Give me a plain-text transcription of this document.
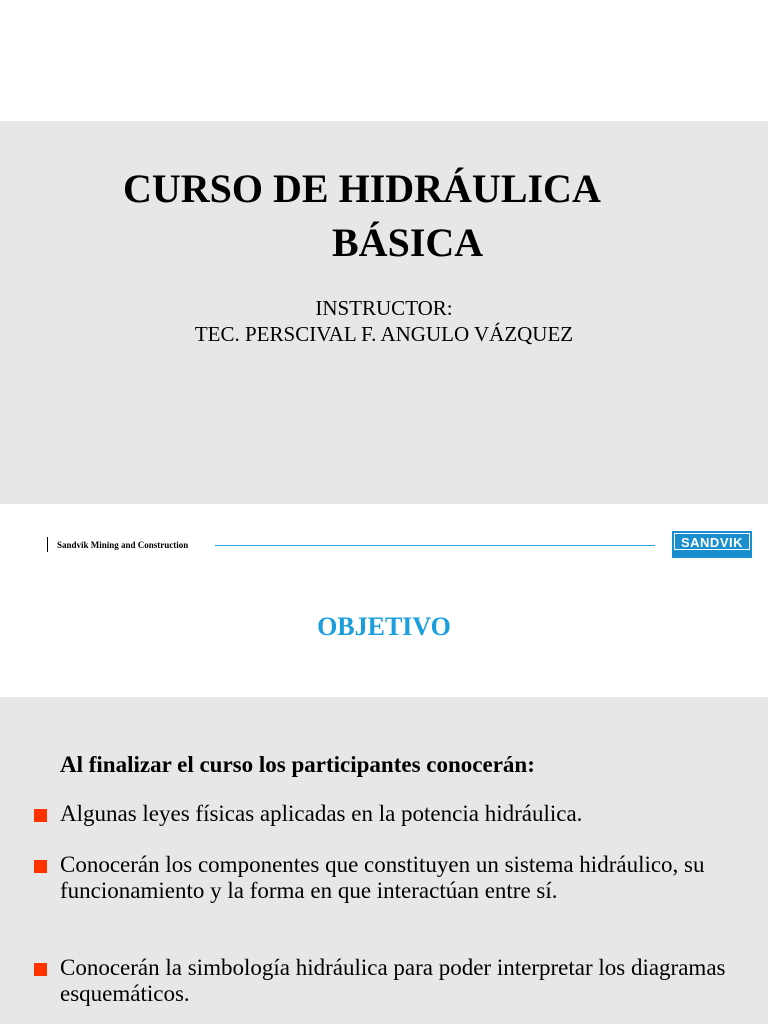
CURSO DE HIDRÁULICA
BÁSICA
INSTRUCTOR:
TEC. PERSCIVAL F. ANGULO VÁZQUEZ
Sandvik Mining and Construction	SANDVIK
OBJETIVO
Al finalizar el curso los participantes conocerán:
Algunas leyes físicas aplicadas en la potencia hidráulica.
Conocerán los componentes que constituyen un sistema hidráulico, su funcionamiento y la forma en que interactúan entre sí.
Conocerán la simbología hidráulica para poder interpretar los diagramas esquemáticos.
